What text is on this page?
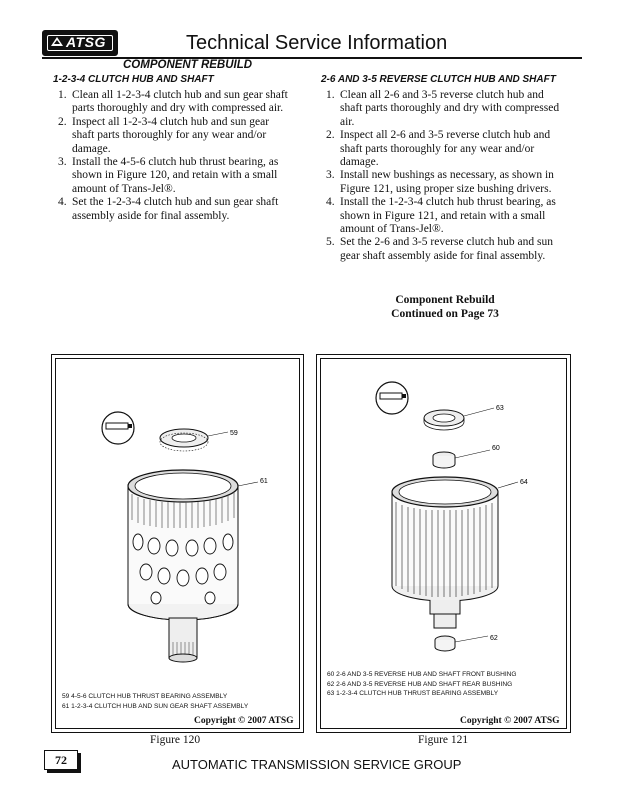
ATSG	Technical Service Information
COMPONENT REBUILD
1-2-3-4 CLUTCH HUB AND SHAFT
1. Clean all 1-2-3-4 clutch hub and sun gear shaft
parts thoroughly and dry with compressed air.
2. Inspect all 1-2-3-4 clutch hub and sun gear
shaft parts thoroughly for any wear and/or
damage.
3. Install the 4-5-6 clutch hub thrust bearing, as
shown in Figure 120, and retain with a small
amount of Trans-Jel®.
4. Set the 1-2-3-4 clutch hub and sun gear shaft
assembly aside for final assembly.
2-6 AND 3-5 REVERSE CLUTCH HUB AND SHAFT
1. Clean all 2-6 and 3-5 reverse clutch hub and
shaft parts thoroughly and dry with compressed
air.
2. Inspect all 2-6 and 3-5 reverse clutch hub and
shaft parts thoroughly for any wear and/or
damage.
3. Install new bushings as necessary, as shown in
Figure 121, using proper size bushing drivers.
4. Install the 1-2-3-4 clutch hub thrust bearing, as
shown in Figure 121, and retain with a small
amount of Trans-Jel®.
5. Set the 2-6 and 3-5 reverse clutch hub and sun
gear shaft assembly aside for final assembly.
Component Rebuild
Continued on Page 73
59
61
59 4-5-6 CLUTCH HUB THRUST BEARING ASSEMBLY
61 1-2-3-4 CLUTCH HUB AND SUN GEAR SHAFT ASSEMBLY
Copyright © 2007 ATSG
Figure 120
63
60
64
62
60 2-6 AND 3-5 REVERSE HUB AND SHAFT FRONT BUSHING
62 2-6 AND 3-5 REVERSE HUB AND SHAFT REAR BUSHING
63 1-2-3-4 CLUTCH HUB THRUST BEARING ASSEMBLY
Copyright © 2007 ATSG
Figure 121
72	AUTOMATIC TRANSMISSION SERVICE GROUP
